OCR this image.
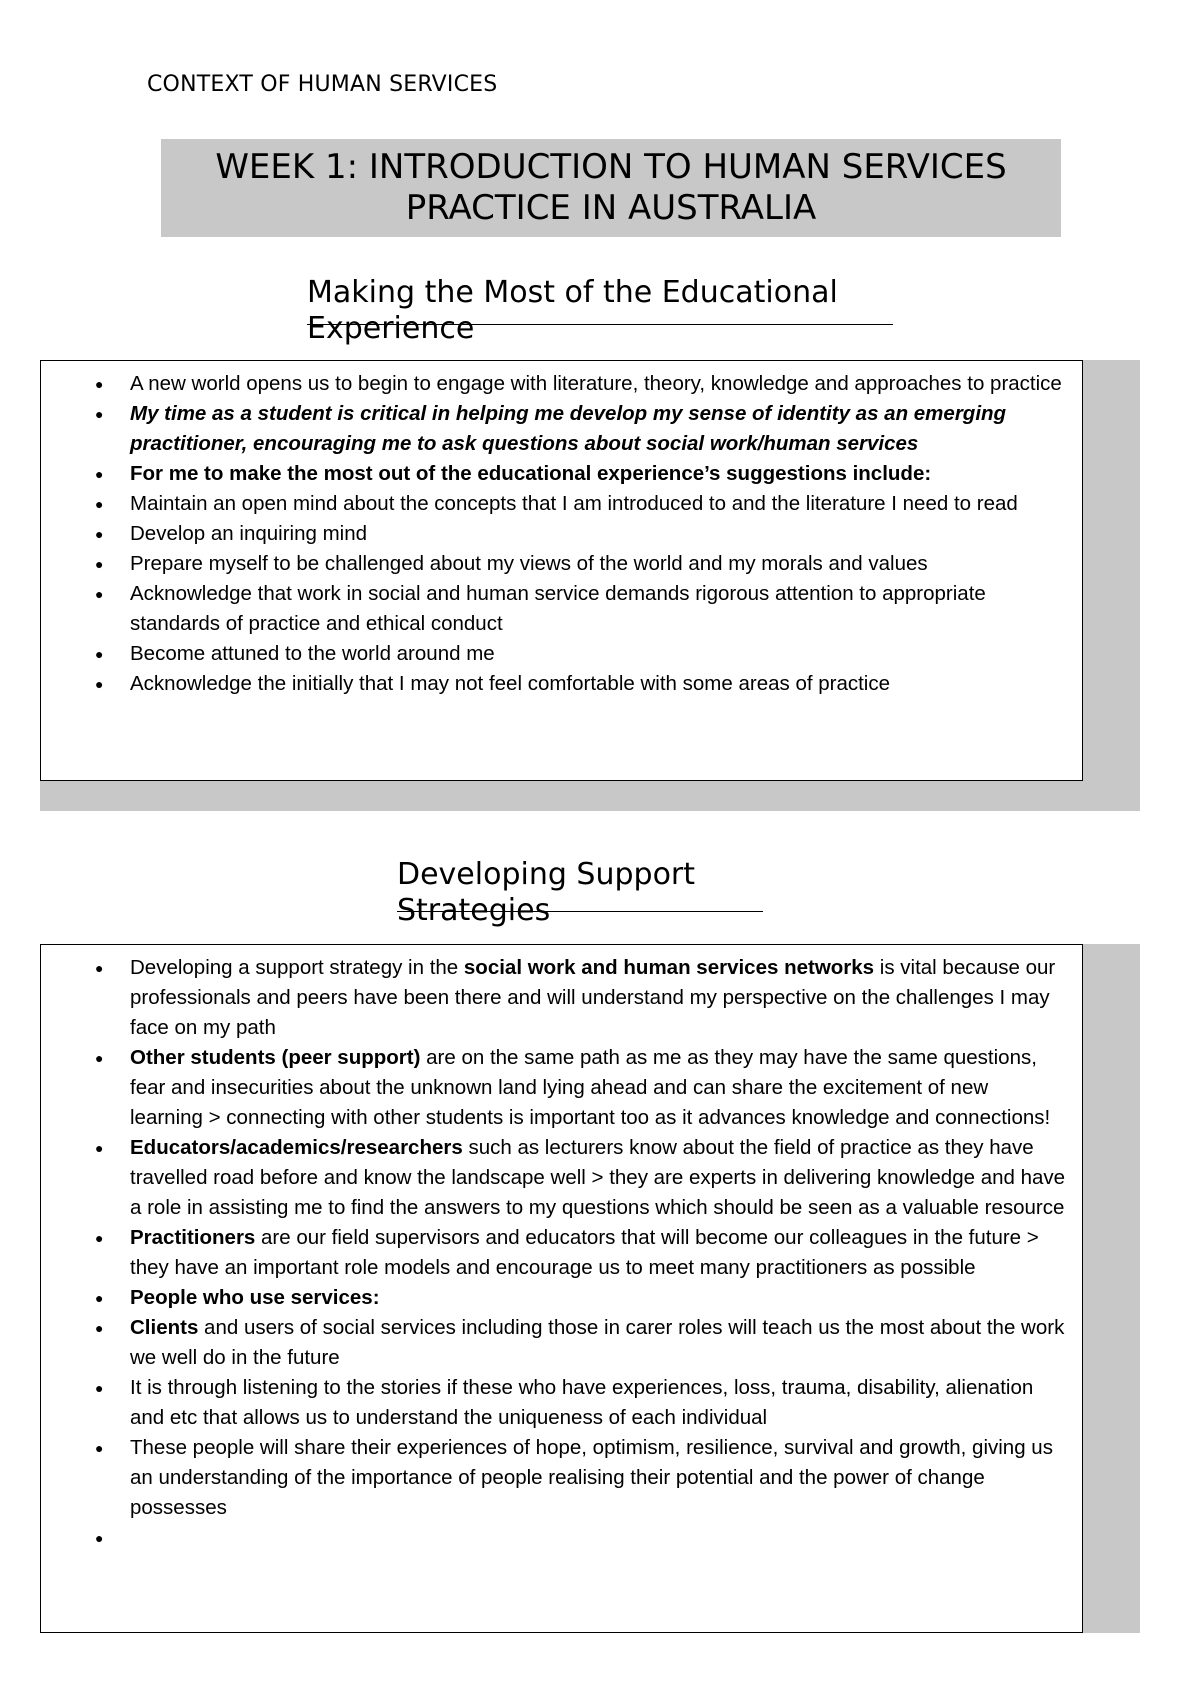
CONTEXT OF HUMAN SERVICES
WEEK 1: INTRODUCTION TO HUMAN SERVICES
PRACTICE IN AUSTRALIA
Making the Most of the Educational Experience
● A new world opens us to begin to engage with literature, theory, knowledge and approaches to practice
● My time as a student is critical in helping me develop my sense of identity as an emerging practitioner, encouraging me to ask questions about social work/human services
● For me to make the most out of the educational experience’s suggestions include:
● Maintain an open mind about the concepts that I am introduced to and the literature I need to read
● Develop an inquiring mind
● Prepare myself to be challenged about my views of the world and my morals and values
● Acknowledge that work in social and human service demands rigorous attention to appropriate standards of practice and ethical conduct
● Become attuned to the world around me
● Acknowledge the initially that I may not feel comfortable with some areas of practice
Developing Support Strategies
● Developing a support strategy in the social work and human services networks is vital because our professionals and peers have been there and will understand my perspective on the challenges I may face on my path
● Other students (peer support) are on the same path as me as they may have the same questions, fear and insecurities about the unknown land lying ahead and can share the excitement of new learning > connecting with other students is important too as it advances knowledge and connections!
● Educators/academics/researchers such as lecturers know about the field of practice as they have travelled road before and know the landscape well > they are experts in delivering knowledge and have a role in assisting me to find the answers to my questions which should be seen as a valuable resource
● Practitioners are our field supervisors and educators that will become our colleagues in the future > they have an important role models and encourage us to meet many practitioners as possible
● People who use services:
● Clients and users of social services including those in carer roles will teach us the most about the work we well do in the future
● It is through listening to the stories if these who have experiences, loss, trauma, disability, alienation and etc that allows us to understand the uniqueness of each individual
● These people will share their experiences of hope, optimism, resilience, survival and growth, giving us an understanding of the importance of people realising their potential and the power of change possesses
●
